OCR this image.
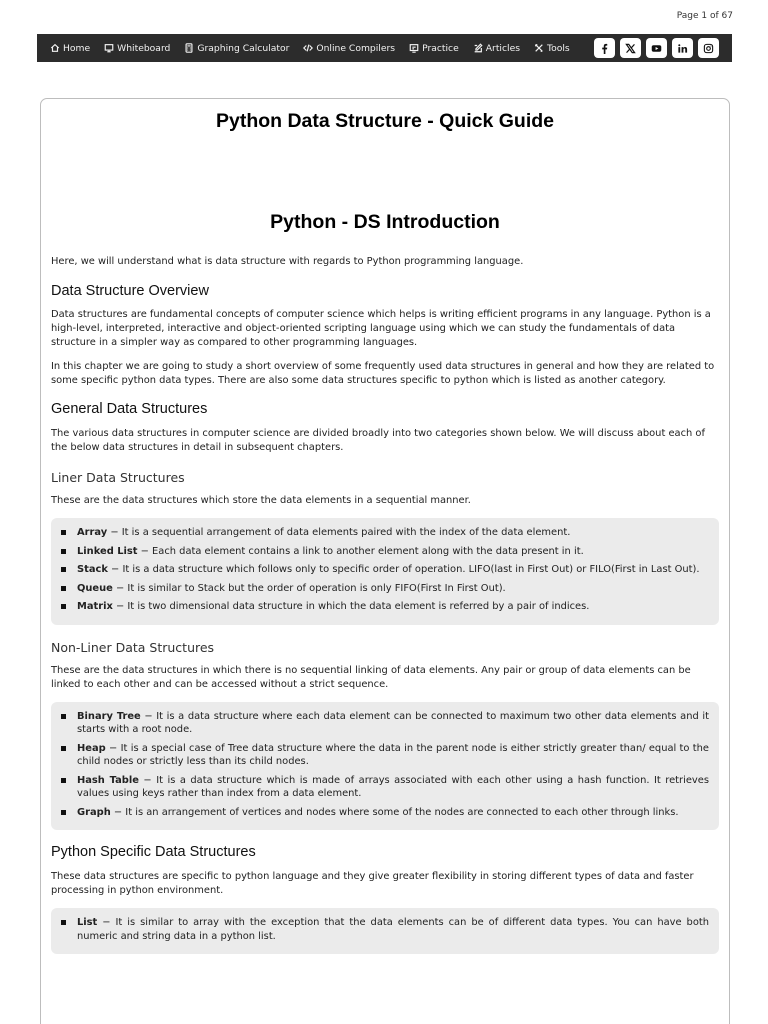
Page 1 of 67
Home	Whiteboard	Graphing Calculator	Online Compilers	Practice	Articles	Tools
Python Data Structure - Quick Guide
Python - DS Introduction

Here, we will understand what is data structure with regards to Python programming language.

Data Structure Overview

Data structures are fundamental concepts of computer science which helps is writing efficient programs in any language. Python is a high-level, interpreted, interactive and object-oriented scripting language using which we can study the fundamentals of data structure in a simpler way as compared to other programming languages.

In this chapter we are going to study a short overview of some frequently used data structures in general and how they are related to some specific python data types. There are also some data structures specific to python which is listed as another category.

General Data Structures

The various data structures in computer science are divided broadly into two categories shown below. We will discuss about each of the below data structures in detail in subsequent chapters.

Liner Data Structures

These are the data structures which store the data elements in a sequential manner.

Array − It is a sequential arrangement of data elements paired with the index of the data element.
Linked List − Each data element contains a link to another element along with the data present in it.
Stack − It is a data structure which follows only to specific order of operation. LIFO(last in First Out) or FILO(First in Last Out).
Queue − It is similar to Stack but the order of operation is only FIFO(First In First Out).
Matrix − It is two dimensional data structure in which the data element is referred by a pair of indices.
Non-Liner Data Structures

These are the data structures in which there is no sequential linking of data elements. Any pair or group of data elements can be linked to each other and can be accessed without a strict sequence.

Binary Tree − It is a data structure where each data element can be connected to maximum two other data elements and it starts with a root node.
Heap − It is a special case of Tree data structure where the data in the parent node is either strictly greater than/ equal to the child nodes or strictly less than its child nodes.
Hash Table − It is a data structure which is made of arrays associated with each other using a hash function. It retrieves values using keys rather than index from a data element.
Graph − It is an arrangement of vertices and nodes where some of the nodes are connected to each other through links.
Python Specific Data Structures

These data structures are specific to python language and they give greater flexibility in storing different types of data and faster processing in python environment.

List − It is similar to array with the exception that the data elements can be of different data types. You can have both numeric and string data in a python list.
